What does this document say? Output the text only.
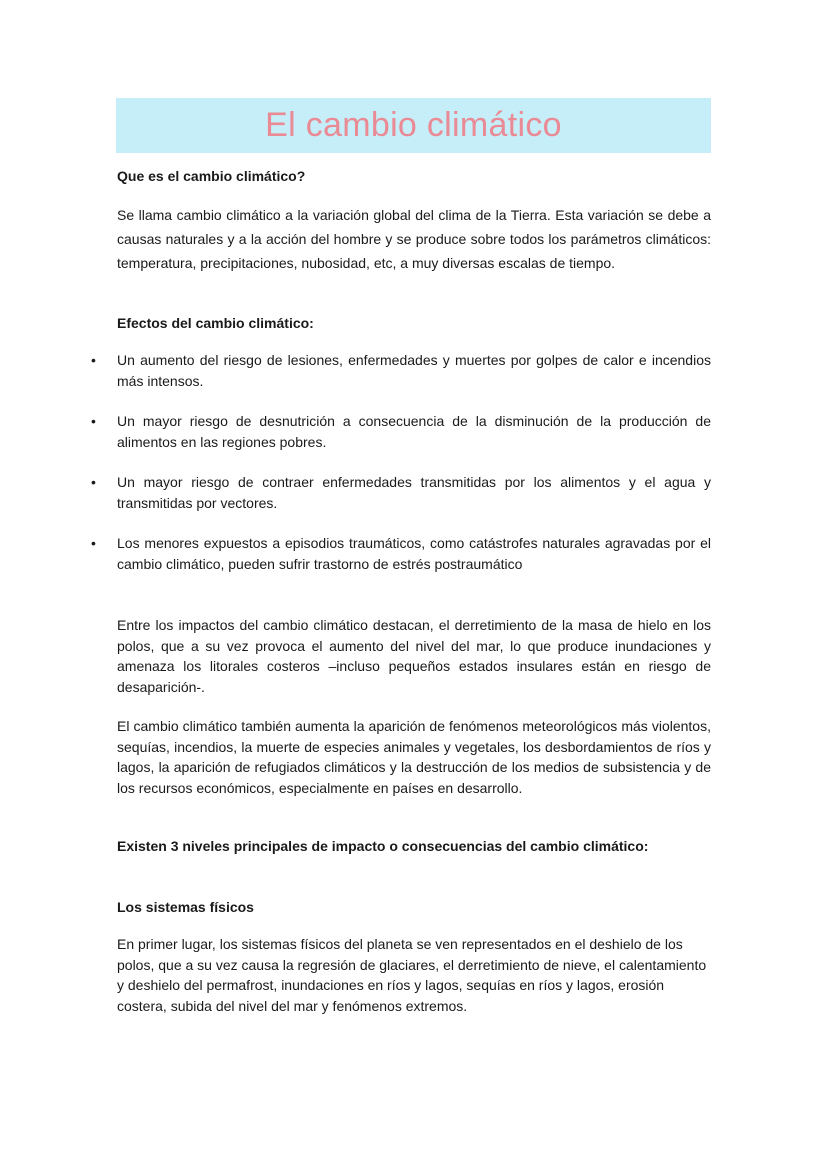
El cambio climático
Que es el cambio climático?
Se llama cambio climático a la variación global del clima de la Tierra. Esta variación se debe a causas naturales y a la acción del hombre y se produce sobre todos los parámetros climáticos: temperatura, precipitaciones, nubosidad, etc, a muy diversas escalas de tiempo.
Efectos del cambio climático:
• Un aumento del riesgo de lesiones, enfermedades y muertes por golpes de calor e incendios más intensos.
• Un mayor riesgo de desnutrición a consecuencia de la disminución de la producción de alimentos en las regiones pobres.
• Un mayor riesgo de contraer enfermedades transmitidas por los alimentos y el agua y transmitidas por vectores.
• Los menores expuestos a episodios traumáticos, como catástrofes naturales agravadas por el cambio climático, pueden sufrir trastorno de estrés postraumático
Entre los impactos del cambio climático destacan, el derretimiento de la masa de hielo en los polos, que a su vez provoca el aumento del nivel del mar, lo que produce inundaciones y amenaza los litorales costeros –incluso pequeños estados insulares están en riesgo de desaparición-.
El cambio climático también aumenta la aparición de fenómenos meteorológicos más violentos, sequías, incendios, la muerte de especies animales y vegetales, los desbordamientos de ríos y lagos, la aparición de refugiados climáticos y la destrucción de los medios de subsistencia y de los recursos económicos, especialmente en países en desarrollo.
Existen 3 niveles principales de impacto o consecuencias del cambio climático:
Los sistemas físicos
En primer lugar, los sistemas físicos del planeta se ven representados en el deshielo de los polos, que a su vez causa la regresión de glaciares, el derretimiento de nieve, el calentamiento y deshielo del permafrost, inundaciones en ríos y lagos, sequías en ríos y lagos, erosión costera, subida del nivel del mar y fenómenos extremos.
